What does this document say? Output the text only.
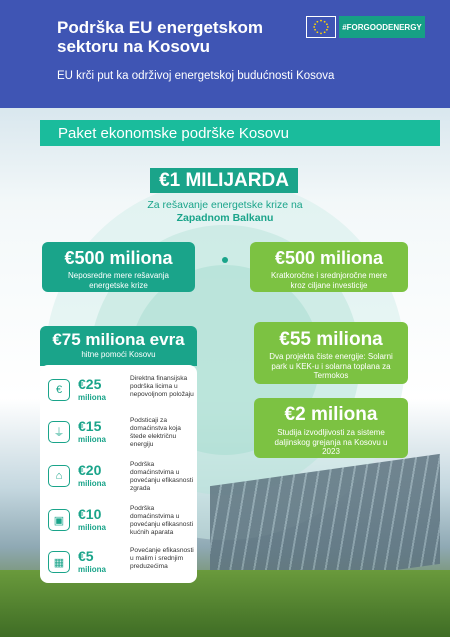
Podrška EU energetskom sektoru na Kosovu
EU krči put ka održivoj energetskoj budućnosti Kosova
#FORGOODENERGY
Paket ekonomske podrške Kosovu
€1 MILIJARDA
Za rešavanje energetske krize na
Zapadnom Balkanu
€500 miliona
Neposredne mere rešavanja energetske krize
€500 miliona
Kratkoročne i srednjoročne mere kroz ciljane investicije
€75 miliona evra
hitne pomoći Kosovu
€	€25
miliona
Direktna finansijska podrška licima u nepovoljnom položaju
⏚ €15
miliona
Podsticaji za domaćinstva koja štede električnu energiju
⌂	€20
miliona
Podrška domaćinstvima u povećanju efikasnosti zgrada
▣ €10
miliona
Podrška domaćinstvima u povećanju efikasnosti kućnih aparata
▦ €5
miliona
Povećanje efikasnosti u malim i srednjim preduzećima
€55 miliona
Dva projekta čiste energije: Solarni park u KEK-u i solarna toplana za Termokos
€2 miliona
Studija izvodljivosti za sisteme daljinskog grejanja na Kosovu u 2023
